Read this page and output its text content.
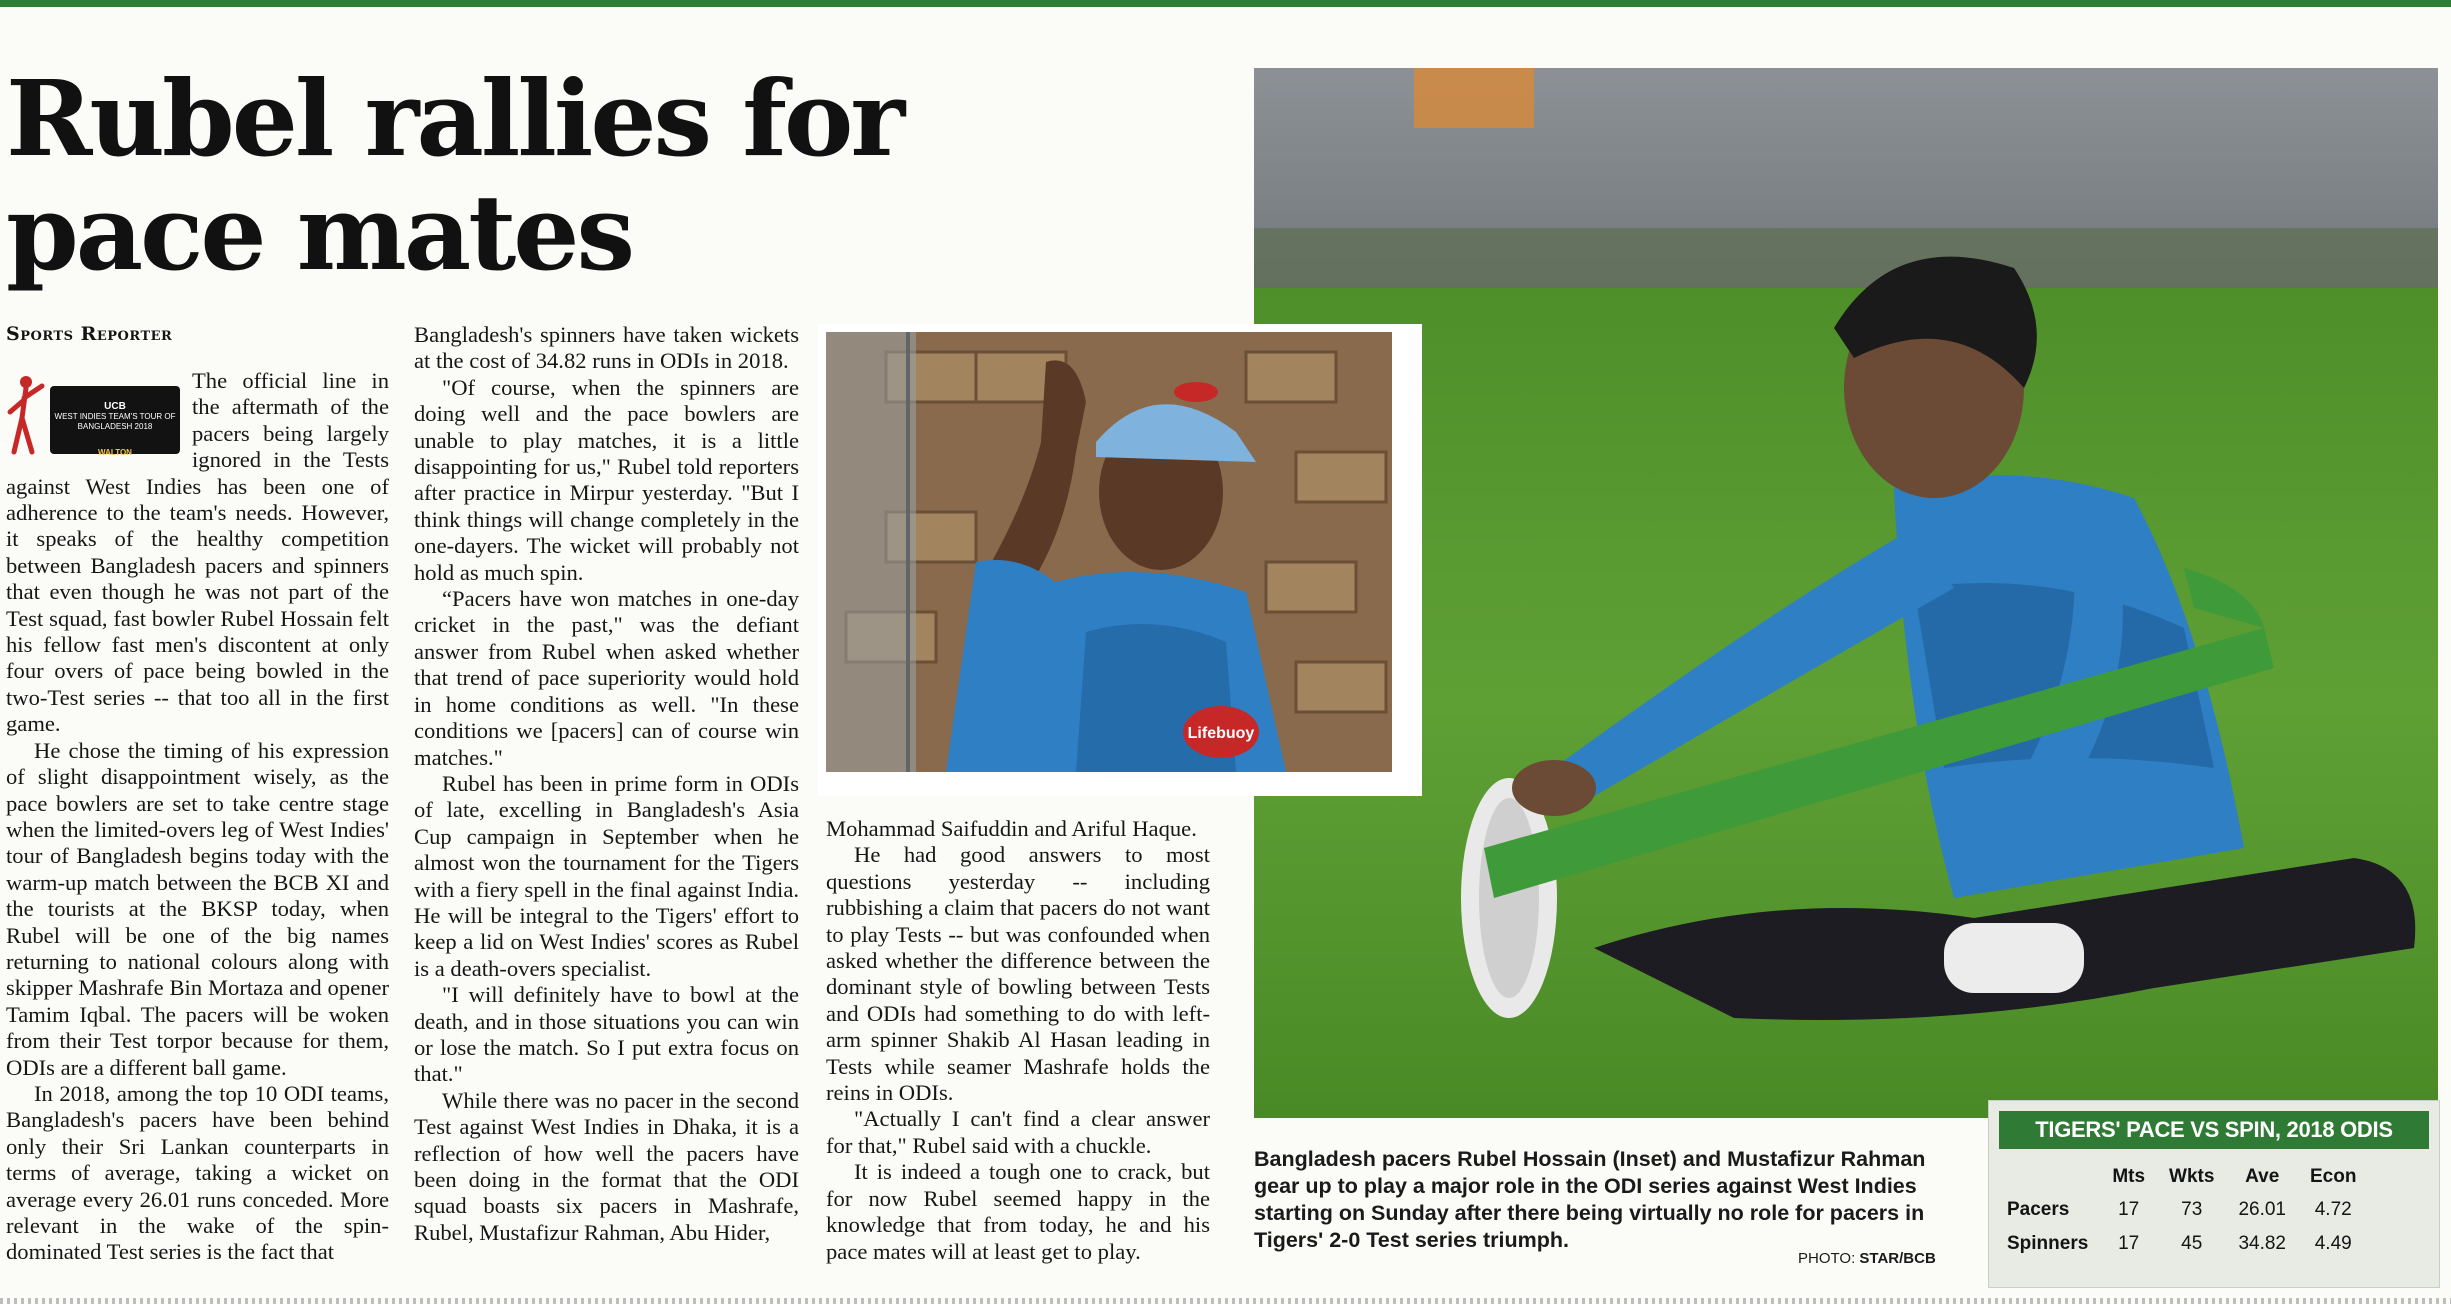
Rubel rallies for
pace mates
Sports Reporter
UCB
WEST INDIES TEAM'S TOUR OF BANGLADESH 2018
WALTON

The official line in the aftermath of the pacers being largely ignored in the Tests against West Indies has been one of adherence to the team's needs. However, it speaks of the healthy competition between Bangladesh pacers and spinners that even though he was not part of the Test squad, fast bowler Rubel Hossain felt his fellow fast men's discontent at only four overs of pace being bowled in the two-Test series -- that too all in the first game.

He chose the timing of his expression of slight disappointment wisely, as the pace bowlers are set to take centre stage when the limited-overs leg of West Indies' tour of Bangladesh begins today with the warm-up match between the BCB XI and the tourists at the BKSP today, when Rubel will be one of the big names returning to national colours along with skipper Mashrafe Bin Mortaza and opener Tamim Iqbal. The pacers will be woken from their Test torpor because for them, ODIs are a different ball game.

In 2018, among the top 10 ODI teams, Bangladesh's pacers have been behind only their Sri Lankan counterparts in terms of average, taking a wicket on average every 26.01 runs conceded. More relevant in the wake of the spin-dominated Test series is the fact that

Bangladesh's spinners have taken wickets at the cost of 34.82 runs in ODIs in 2018.

"Of course, when the spinners are doing well and the pace bowlers are unable to play matches, it is a little disappointing for us," Rubel told reporters after practice in Mirpur yesterday. "But I think things will change completely in the one-dayers. The wicket will probably not hold as much spin.

“Pacers have won matches in one-day cricket in the past," was the defiant answer from Rubel when asked whether that trend of pace superiority would hold in home conditions as well. "In these conditions we [pacers] can of course win matches."

Rubel has been in prime form in ODIs of late, excelling in Bangladesh's Asia Cup campaign in September when he almost won the tournament for the Tigers with a fiery spell in the final against India. He will be integral to the Tigers' effort to keep a lid on West Indies' scores as Rubel is a death-overs specialist.

"I will definitely have to bowl at the death, and in those situations you can win or lose the match. So I put extra focus on that."

While there was no pacer in the second Test against West Indies in Dhaka, it is a reflection of how well the pacers have been doing in the format that the ODI squad boasts six pacers in Mashrafe, Rubel, Mustafizur Rahman, Abu Hider,

Mohammad Saifuddin and Ariful Haque.

He had good answers to most questions yesterday -- including rubbishing a claim that pacers do not want to play Tests -- but was confounded when asked whether the difference between the dominant style of bowling between Tests and ODIs had something to do with left-arm spinner Shakib Al Hasan leading in Tests while seamer Mashrafe holds the reins in ODIs.

"Actually I can't find a clear answer for that," Rubel said with a chuckle.

It is indeed a tough one to crack, but for now Rubel seemed happy in the knowledge that from today, he and his pace mates will at least get to play.

Lifebuoy

Bangladesh pacers Rubel Hossain (Inset) and Mustafizur Rahman gear up to play a major role in the ODI series against West Indies starting on Sunday after there being virtually no role for pacers in Tigers' 2-0 Test series triumph.

PHOTO: STAR/BCB
TIGERS' PACE VS SPIN, 2018 ODIS
	Mts	Wkts	Ave	Econ
Pacers	17	73	26.01	4.72
Spinners	17	45	34.82	4.49
